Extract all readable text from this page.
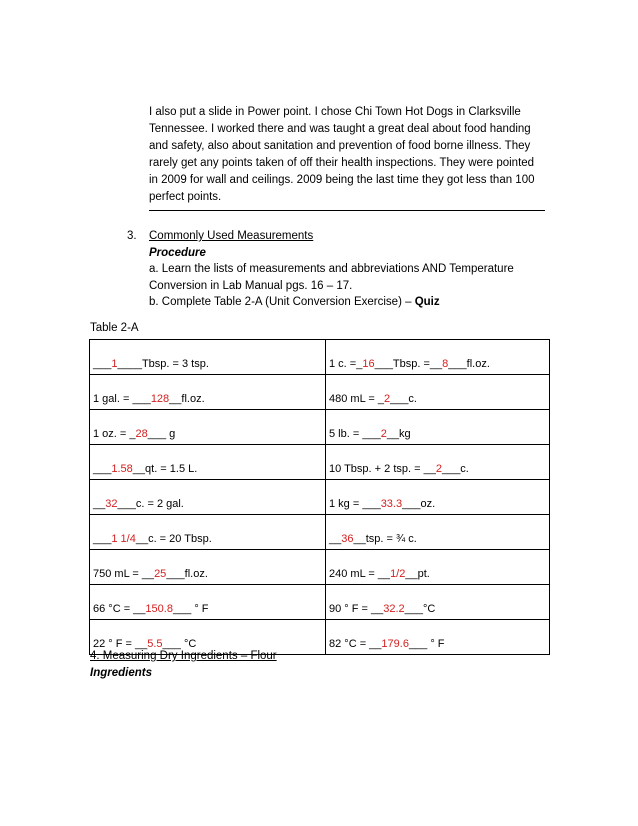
I also put a slide in Power point. I chose Chi Town Hot Dogs in Clarksville
Tennessee. I worked there and was taught a great deal about food handing
and safety, also about sanitation and prevention of food borne illness. They
rarely get any points taken of off their health inspections. They were pointed
in 2009 for wall and ceilings. 2009 being the last time they got less than 100
perfect points.
3. Commonly Used Measurements
Procedure
a. Learn the lists of measurements and abbreviations AND Temperature
Conversion in Lab Manual pgs. 16 – 17.
b. Complete Table 2-A (Unit Conversion Exercise) – Quiz
Table 2-A
___1____Tbsp. = 3 tsp.	1 c. =_16___Tbsp. =__8___fl.oz.
1 gal. = ___128__fl.oz.	480 mL = _2___c.
1 oz. = _28___ g	5 lb. = ___2__kg
___1.58__qt. = 1.5 L.	10 Tbsp. + 2 tsp. = __2___c.
__32___c. = 2 gal.	1 kg = ___33.3___oz.
___1 1/4__c. = 20 Tbsp.	__36__tsp. = ¾ c.
750 mL = __25___fl.oz.	240 mL = __1/2__pt.
66 °C = __150.8___ ° F	90 ° F = __32.2___°C
22 ° F = __5.5___ °C	82 °C = __179.6___ ° F
4. Measuring Dry Ingredients – Flour
Ingredients
